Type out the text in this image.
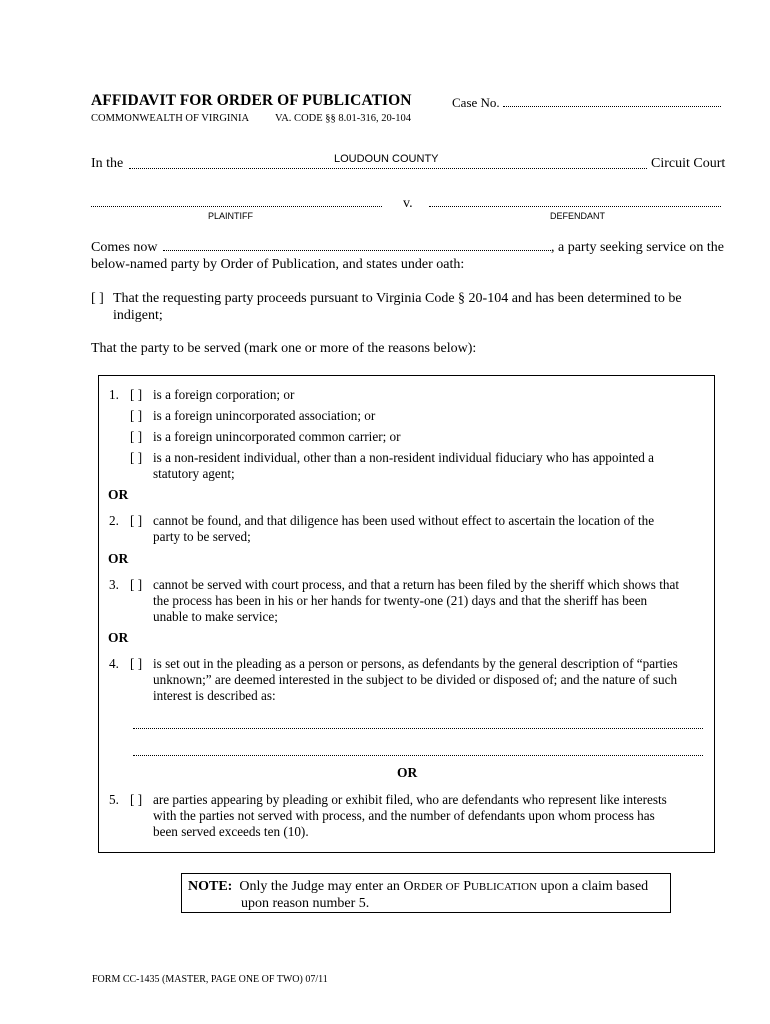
AFFIDAVIT FOR ORDER OF PUBLICATION	Case No.
COMMONWEALTH OF VIRGINIA VA. CODE §§ 8.01-316, 20-104
In the	LOUDOUN COUNTY	Circuit Court
v.
PLAINTIFF	DEFENDANT
Comes now	, a party seeking service on the
below-named party by Order of Publication, and states under oath:
[ ] That the requesting party proceeds pursuant to Virginia Code § 20-104 and has been determined to be
indigent;
That the party to be served (mark one or more of the reasons below):
1. [ ] is a foreign corporation; or
[ ] is a foreign unincorporated association; or
[ ] is a foreign unincorporated common carrier; or
[ ] is a non-resident individual, other than a non-resident individual fiduciary who has appointed a
statutory agent;
OR
2. [ ] cannot be found, and that diligence has been used without effect to ascertain the location of the
party to be served;
OR
3. [ ] cannot be served with court process, and that a return has been filed by the sheriff which shows that
the process has been in his or her hands for twenty-one (21) days and that the sheriff has been
unable to make service;
OR
4. [ ] is set out in the pleading as a person or persons, as defendants by the general description of “parties
unknown;” are deemed interested in the subject to be divided or disposed of; and the nature of such
interest is described as:
OR
5. [ ] are parties appearing by pleading or exhibit filed, who are defendants who represent like interests
with the parties not served with process, and the number of defendants upon whom process has
been served exceeds ten (10).
NOTE: Only the Judge may enter an ORDER OF PUBLICATION upon a claim based
upon reason number 5.
FORM CC-1435 (MASTER, PAGE ONE OF TWO) 07/11
